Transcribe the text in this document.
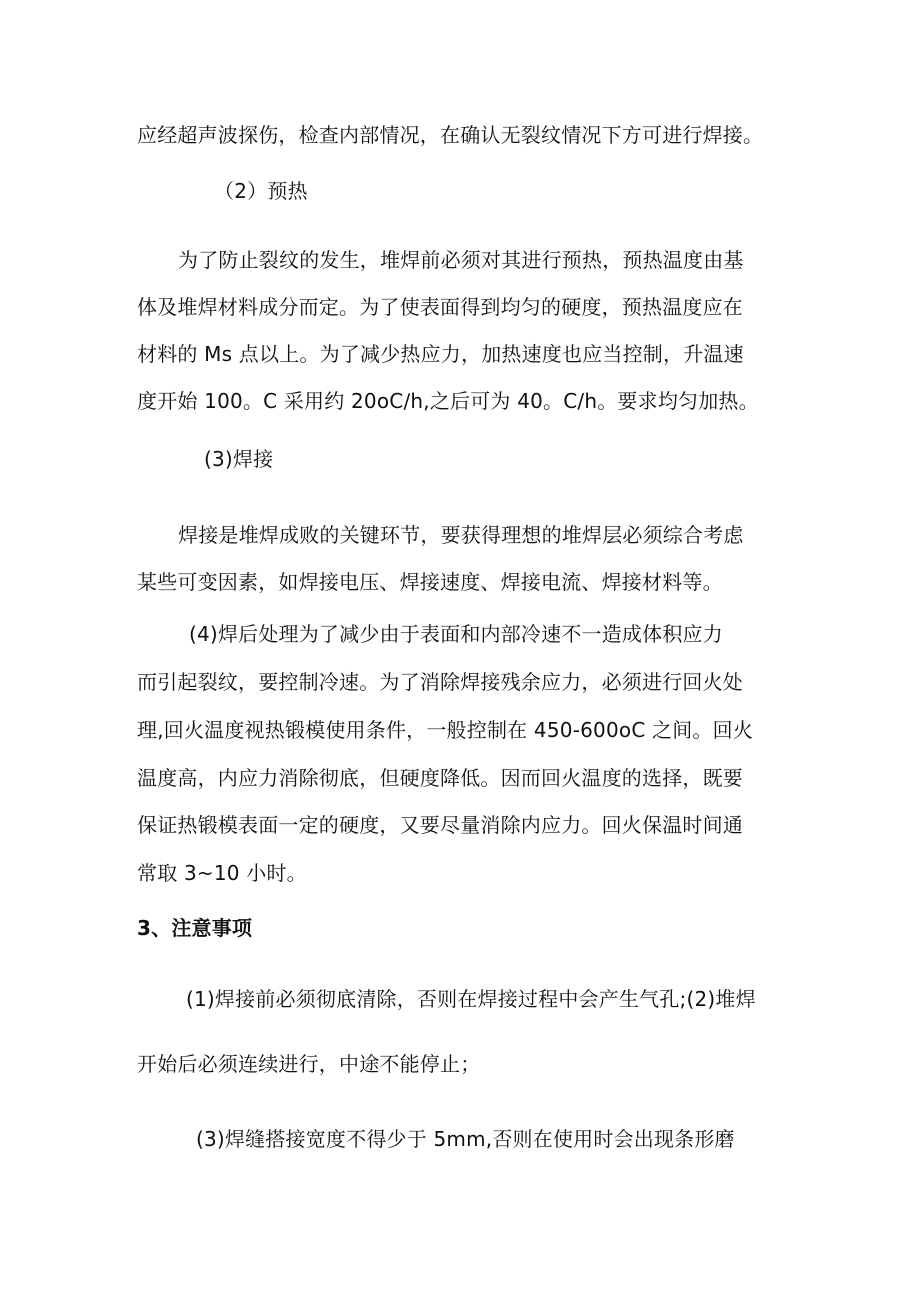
应经超声波探伤，检查内部情况，在确认无裂纹情况下方可进行焊接。

（2）预热

为了防止裂纹的发生，堆焊前必须对其进行预热，预热温度由基

体及堆焊材料成分而定。为了使表面得到均匀的硬度，预热温度应在

材料的 Ms 点以上。为了减少热应力，加热速度也应当控制，升温速

度开始 100。C 采用约 20oC∕h,之后可为 40。C/h。要求均匀加热。

(3)焊接

焊接是堆焊成败的关键环节，要获得理想的堆焊层必须综合考虑

某些可变因素，如焊接电压、焊接速度、焊接电流、焊接材料等。

(4)焊后处理为了减少由于表面和内部冷速不一造成体积应力

而引起裂纹，要控制冷速。为了消除焊接残余应力，必须进行回火处

理,回火温度视热锻模使用条件，一般控制在 450-600oC 之间。回火

温度高，内应力消除彻底，但硬度降低。因而回火温度的选择，既要

保证热锻模表面一定的硬度，又要尽量消除内应力。回火保温时间通

常取 3~10 小时。

3、注意事项

(1)焊接前必须彻底清除，否则在焊接过程中会产生气孔;(2)堆焊

开始后必须连续进行，中途不能停止；

(3)焊缝搭接宽度不得少于 5mm,否则在使用时会出现条形磨
